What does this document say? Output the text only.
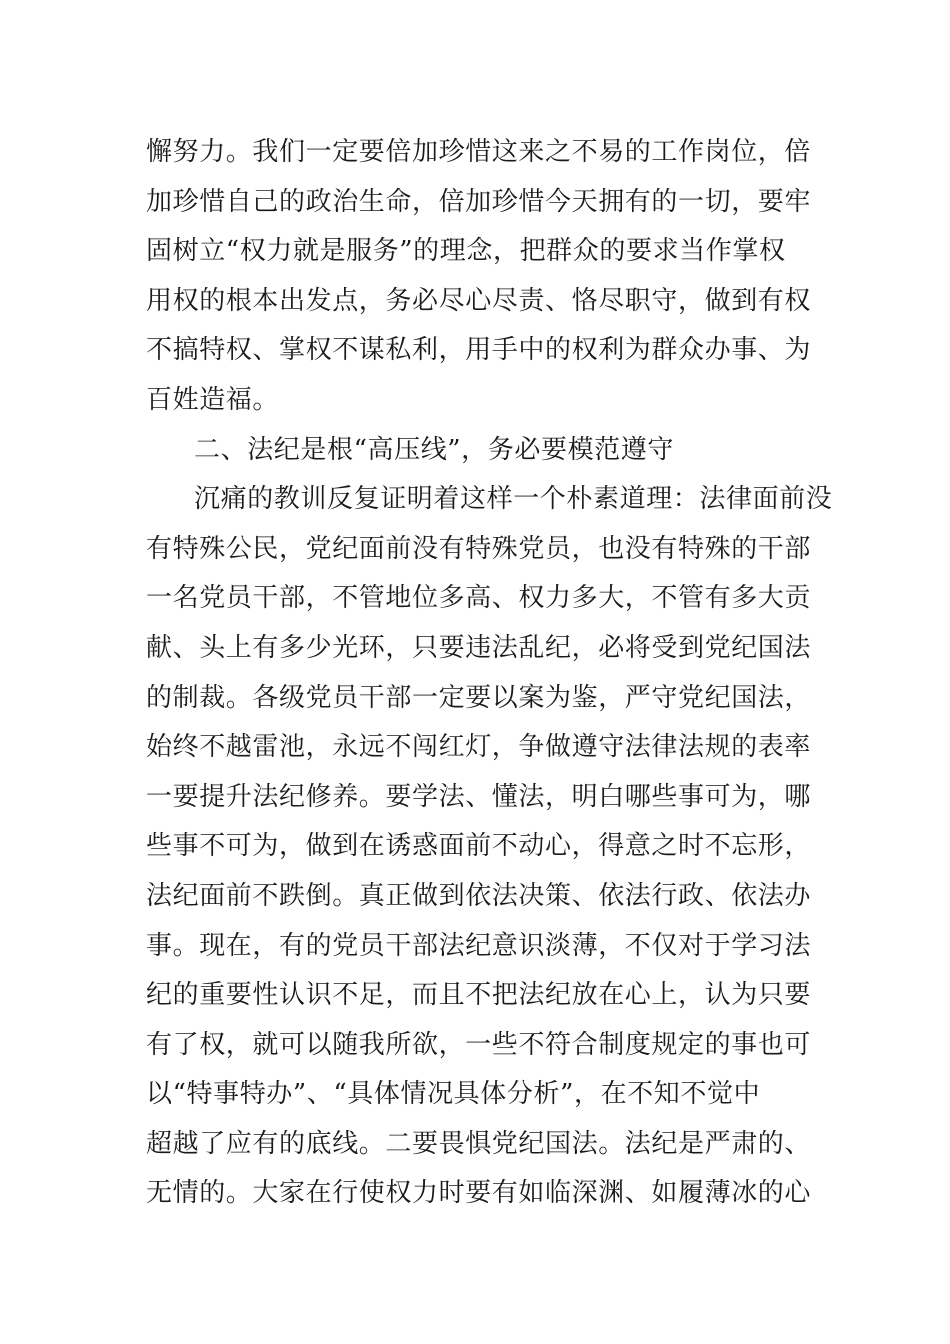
懈努力。我们一定要倍加珍惜这来之不易的工作岗位，倍
加珍惜自己的政治生命，倍加珍惜今天拥有的一切，要牢
固树立“权力就是服务”的理念，把群众的要求当作掌权
用权的根本出发点，务必尽心尽责、恪尽职守，做到有权
不搞特权、掌权不谋私利，用手中的权利为群众办事、为
百姓造福。
二、法纪是根“高压线”，务必要模范遵守
沉痛的教训反复证明着这样一个朴素道理：法律面前没
有特殊公民，党纪面前没有特殊党员，也没有特殊的干部
一名党员干部，不管地位多高、权力多大，不管有多大贡
献、头上有多少光环，只要违法乱纪，必将受到党纪国法
的制裁。各级党员干部一定要以案为鉴，严守党纪国法，
始终不越雷池，永远不闯红灯，争做遵守法律法规的表率
一要提升法纪修养。要学法、懂法，明白哪些事可为，哪
些事不可为，做到在诱惑面前不动心，得意之时不忘形，
法纪面前不跌倒。真正做到依法决策、依法行政、依法办
事。现在，有的党员干部法纪意识淡薄，不仅对于学习法
纪的重要性认识不足，而且不把法纪放在心上，认为只要
有了权，就可以随我所欲，一些不符合制度规定的事也可
以“特事特办”、“具体情况具体分析”，在不知不觉中
超越了应有的底线。二要畏惧党纪国法。法纪是严肃的、
无情的。大家在行使权力时要有如临深渊、如履薄冰的心
